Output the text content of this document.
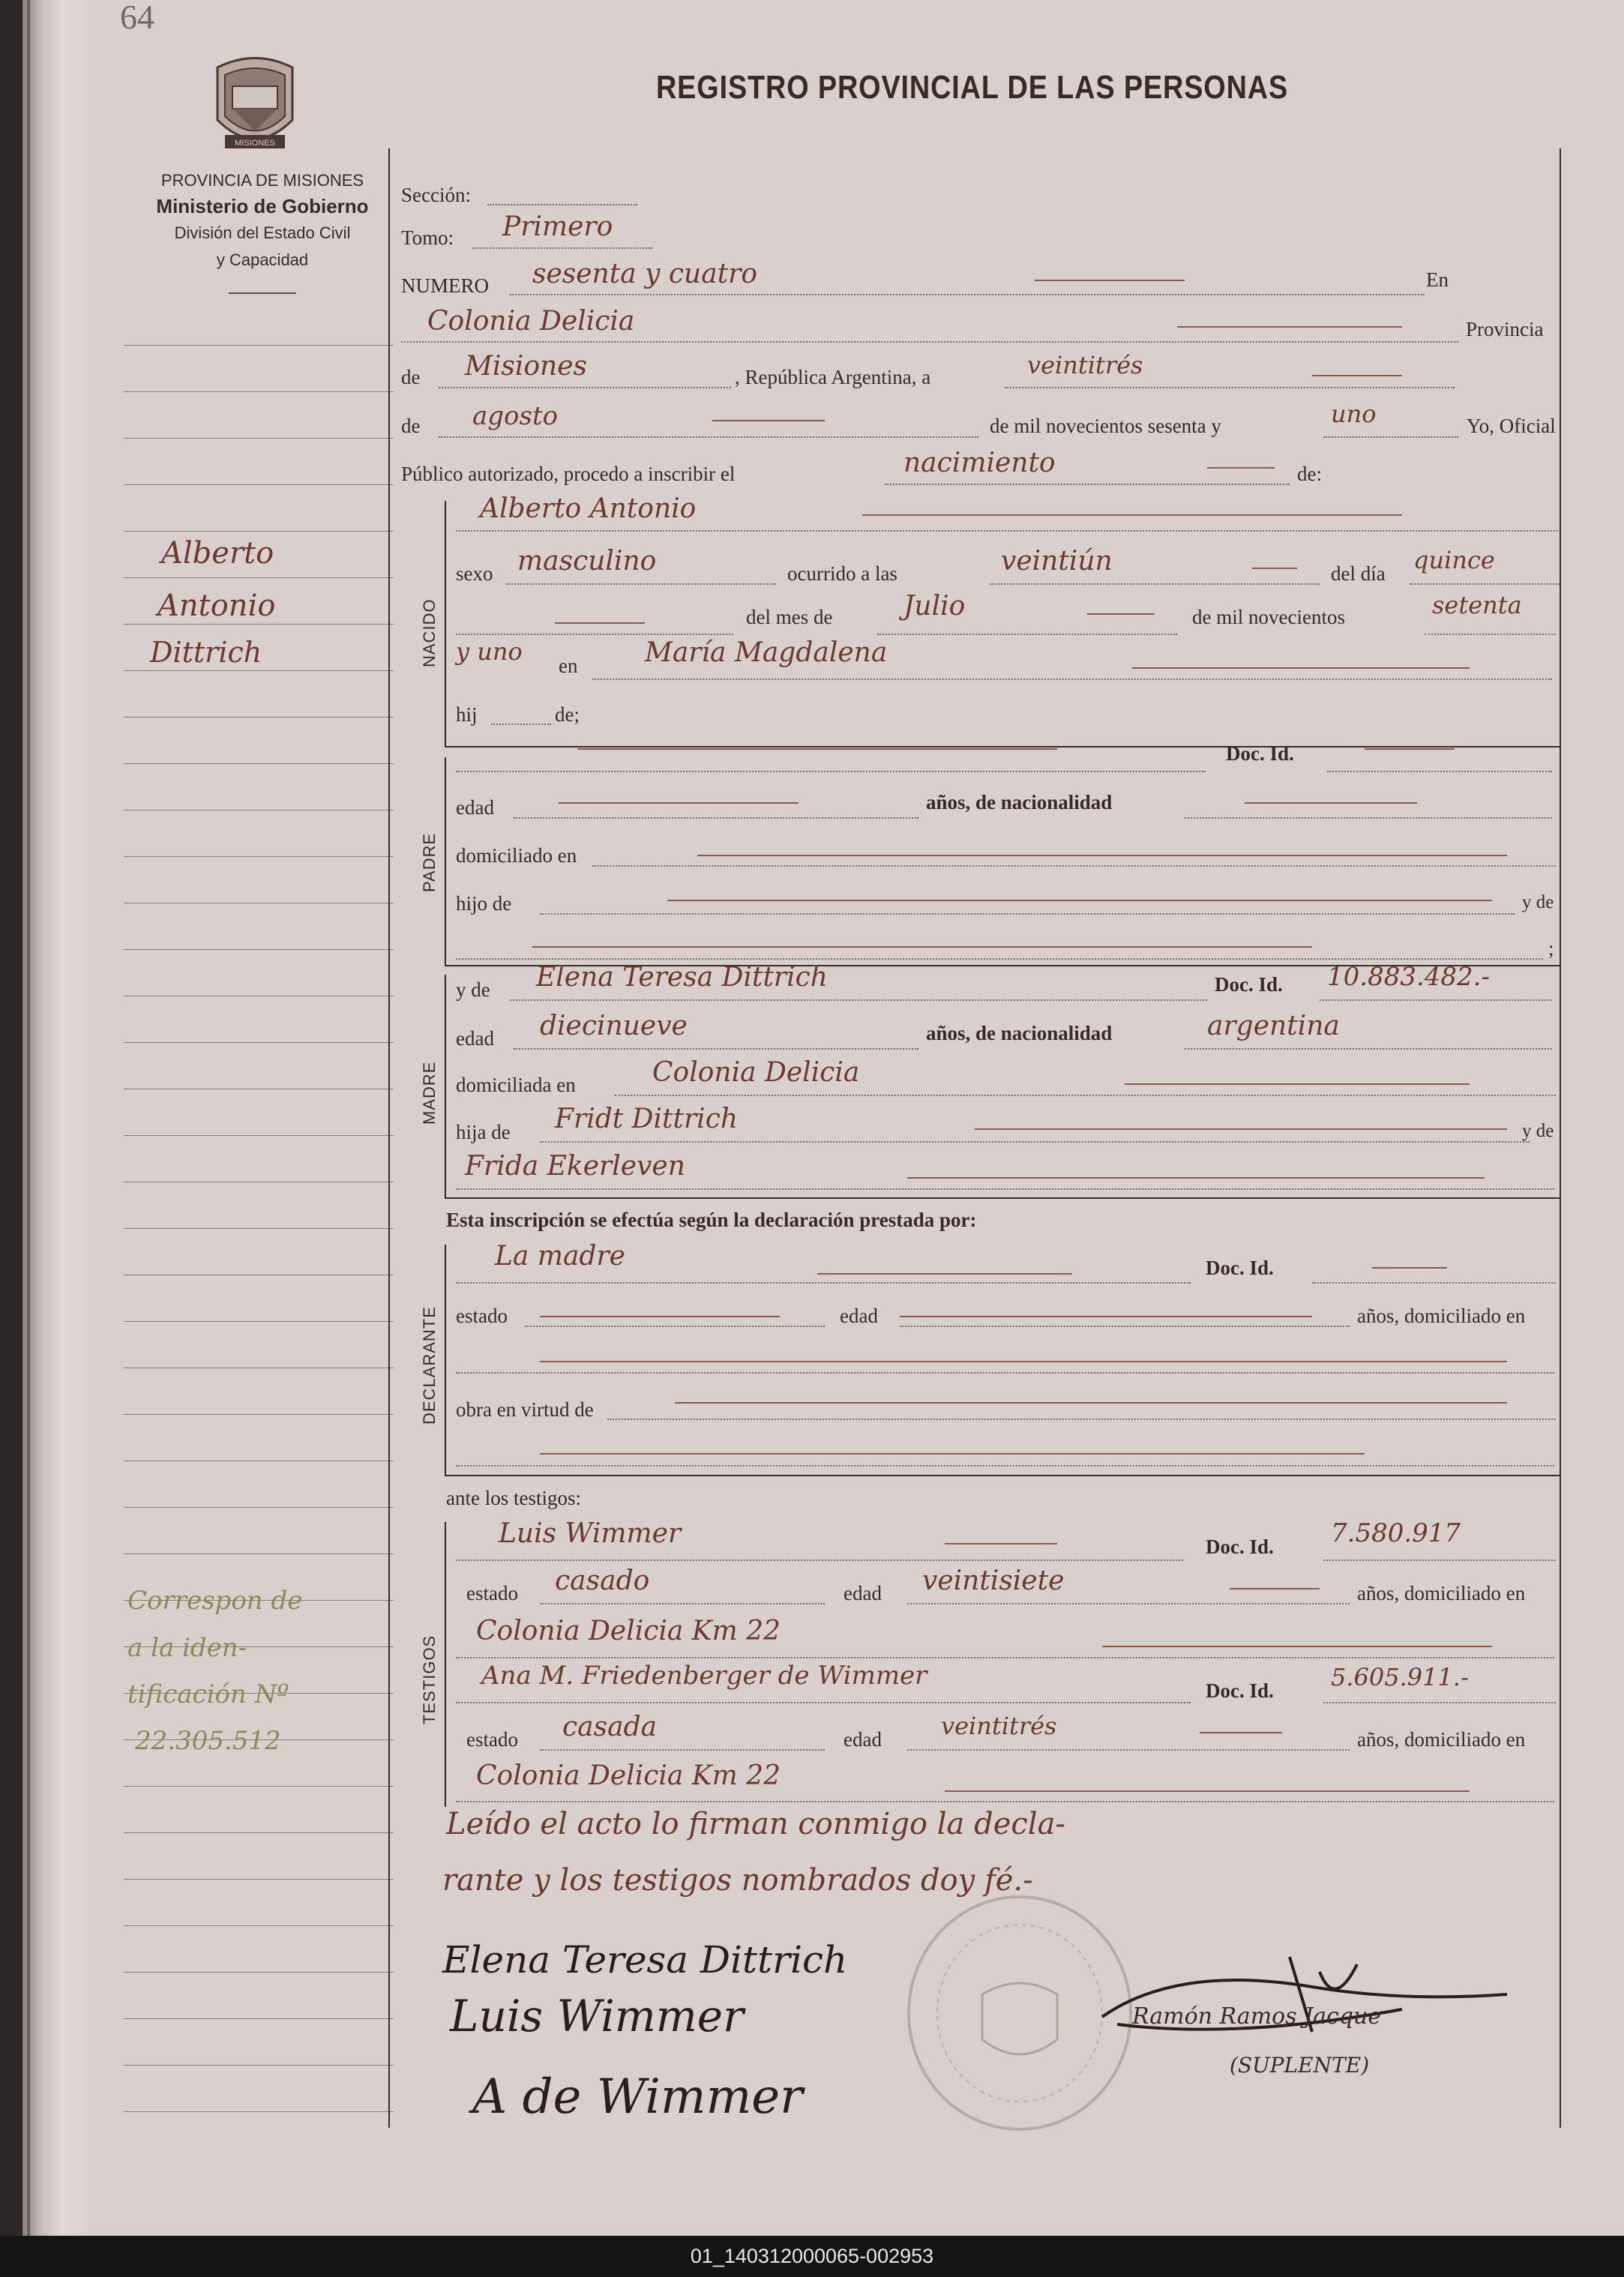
64
REGISTRO PROVINCIAL DE LAS PERSONAS
MISIONES
PROVINCIA DE MISIONES
Ministerio de Gobierno
División del Estado Civil
y Capacidad
Alberto
Antonio
Dittrich
Correspon de
a la iden-
tificación Nº
22.305.512
Sección:
Tomo: Primero
NUMERO sesenta y cuatro	En
Colonia Delicia	Provincia
de Misiones	, República Argentina, a	veintitrés
de agosto	de mil novecientos sesenta y	uno	Yo, Oficial
Público autorizado, procedo a inscribir el	nacimiento	de:
NACIDO
Alberto Antonio
sexo masculino	ocurrido a las	veintiún	del día quince
del mes de	Julio	de mil novecientos	setenta
y uno en María Magdalena
hij	de;
PADRE
Doc. Id.
edad	años, de nacionalidad
domiciliado en
hijo de	y de
;
MADRE
y de Elena Teresa Dittrich	Doc. Id. 10.883.482.-
edad diecinueve	años, de nacionalidad	argentina
domiciliada en	Colonia Delicia
hija de Fridt Dittrich	y de
Frida Ekerleven
Esta inscripción se efectúa según la declaración prestada por:
DECLARANTE
La madre	Doc. Id.
estado	edad	años, domiciliado en
obra en virtud de
ante los testigos:
TESTIGOS
Luis Wimmer	Doc. Id. 7.580.917
estado casado	edad veintisiete	años, domiciliado en
Colonia Delicia Km 22
Ana M. Friedenberger de Wimmer	Doc. Id. 5.605.911.-
estado casada	edad veintitrés	años, domiciliado en
Colonia Delicia Km 22
Leído el acto lo firman conmigo la decla-
rante y los testigos nombrados doy fé.-
Elena Teresa Dittrich
Luis Wimmer
A de Wimmer
Ramón Ramos Jacque
(SUPLENTE)
01_140312000065-002953
